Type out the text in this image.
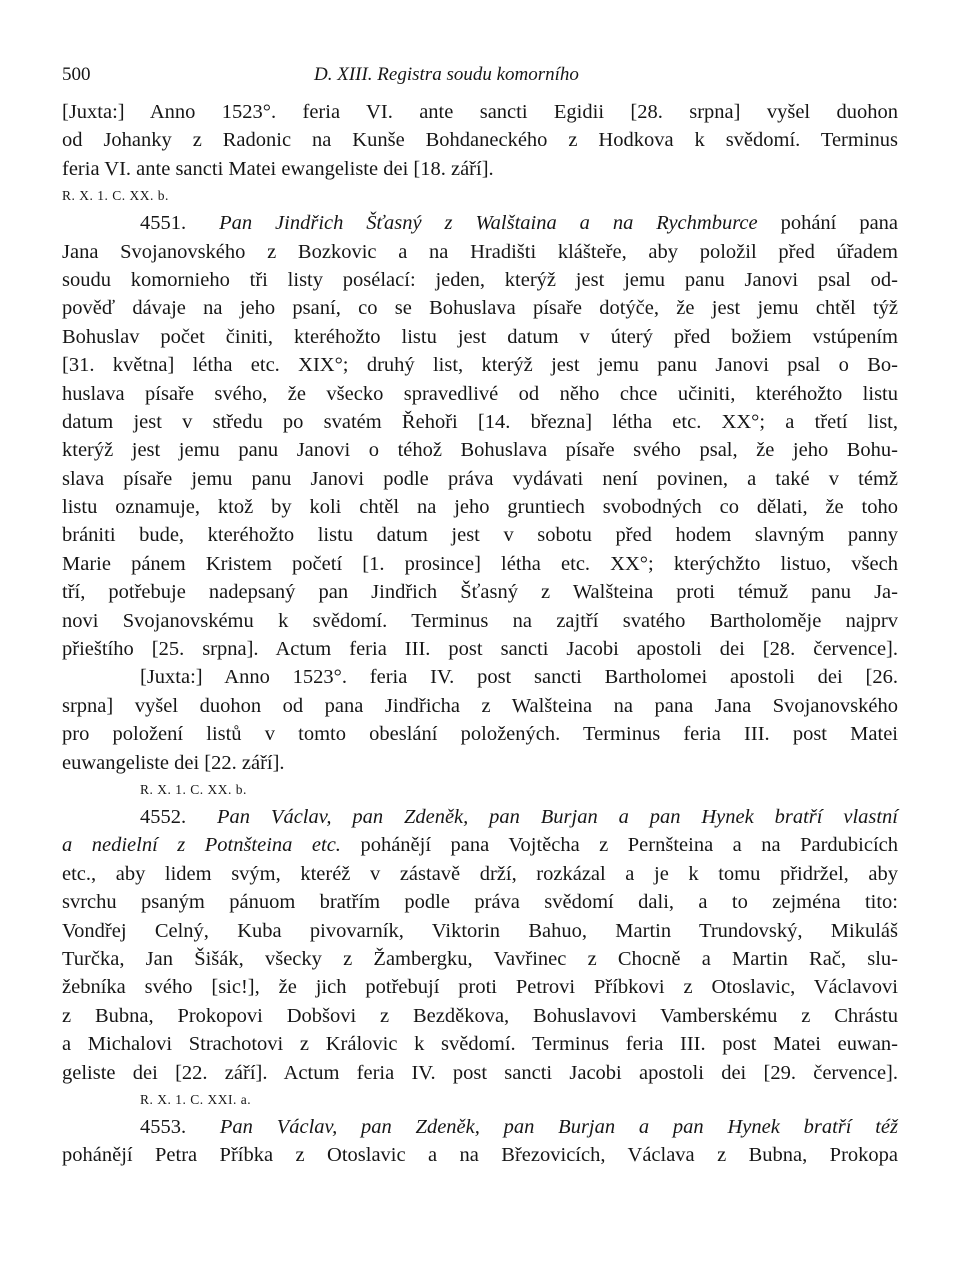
500	D. XIII. Registra soudu komorního
[Juxta:] Anno 1523°. feria VI. ante sancti Egidii [28. srpna] vyšel duohon
od Johanky z Radonic na Kunše Bohdaneckého z Hodkova k svědomí. Terminus
feria VI. ante sancti Matei ewangeliste dei [18. září].
R. X. 1. C. XX. b.
4551. Pan Jindřich Šťasný z Walštaina a na Rychmburce pohání pana
Jana Svojanovského z Bozkovic a na Hradišti klášteře, aby položil před úřadem
soudu komornieho tři listy posélací: jeden, kterýž jest jemu panu Janovi psal od-
pověď dávaje na jeho psaní, co se Bohuslava písaře dotýče, že jest jemu chtěl týž
Bohuslav počet činiti, kteréhožto listu jest datum v úterý před božiem vstúpením
[31. května] létha etc. XIX°; druhý list, kterýž jest jemu panu Janovi psal o Bo-
huslava písaře svého, že všecko spravedlivé od něho chce učiniti, kteréhožto listu
datum jest v středu po svatém Řehoři [14. března] létha etc. XX°; a třetí list,
kterýž jest jemu panu Janovi o téhož Bohuslava písaře svého psal, že jeho Bohu-
slava písaře jemu panu Janovi podle práva vydávati není povinen, a také v témž
listu oznamuje, ktož by koli chtěl na jeho gruntiech svobodných co dělati, že toho
brániti bude, kteréhožto listu datum jest v sobotu před hodem slavným panny
Marie pánem Kristem početí [1. prosince] létha etc. XX°; kterýchžto listuo, všech
tří, potřebuje nadepsaný pan Jindřich Šťasný z Walšteina proti témuž panu Ja-
novi Svojanovskému k svědomí. Terminus na zajtří svatého Bartholoměje najprv
přieštího [25. srpna]. Actum feria III. post sancti Jacobi apostoli dei [28. července].
[Juxta:] Anno 1523°. feria IV. post sancti Bartholomei apostoli dei [26.
srpna] vyšel duohon od pana Jindřicha z Walšteina na pana Jana Svojanovského
pro položení listů v tomto obeslání položených. Terminus feria III. post Matei
euwangeliste dei [22. září].
R. X. 1. C. XX. b.
4552. Pan Václav, pan Zdeněk, pan Burjan a pan Hynek bratří vlastní
a nedielní z Potnšteina etc. pohánějí pana Vojtěcha z Pernšteina a na Pardubicích
etc., aby lidem svým, kteréž v zástavě drží, rozkázal a je k tomu přidržel, aby
svrchu psaným pánuom bratřím podle práva svědomí dali, a to zejména tito:
Vondřej Celný, Kuba pivovarník, Viktorin Bahuo, Martin Trundovský, Mikuláš
Turčka, Jan Šišák, všecky z Žambergku, Vavřinec z Chocně a Martin Rač, slu-
žebníka svého [sic!], že jich potřebují proti Petrovi Příbkovi z Otoslavic, Václavovi
z Bubna, Prokopovi Dobšovi z Bezděkova, Bohuslavovi Vamberskému z Chrástu
a Michalovi Strachotovi z Královic k svědomí. Terminus feria III. post Matei euwan-
geliste dei [22. září]. Actum feria IV. post sancti Jacobi apostoli dei [29. července].
R. X. 1. C. XXI. a.
4553. Pan Václav, pan Zdeněk, pan Burjan a pan Hynek bratří též
pohánějí Petra Příbka z Otoslavic a na Březovicích, Václava z Bubna, Prokopa
